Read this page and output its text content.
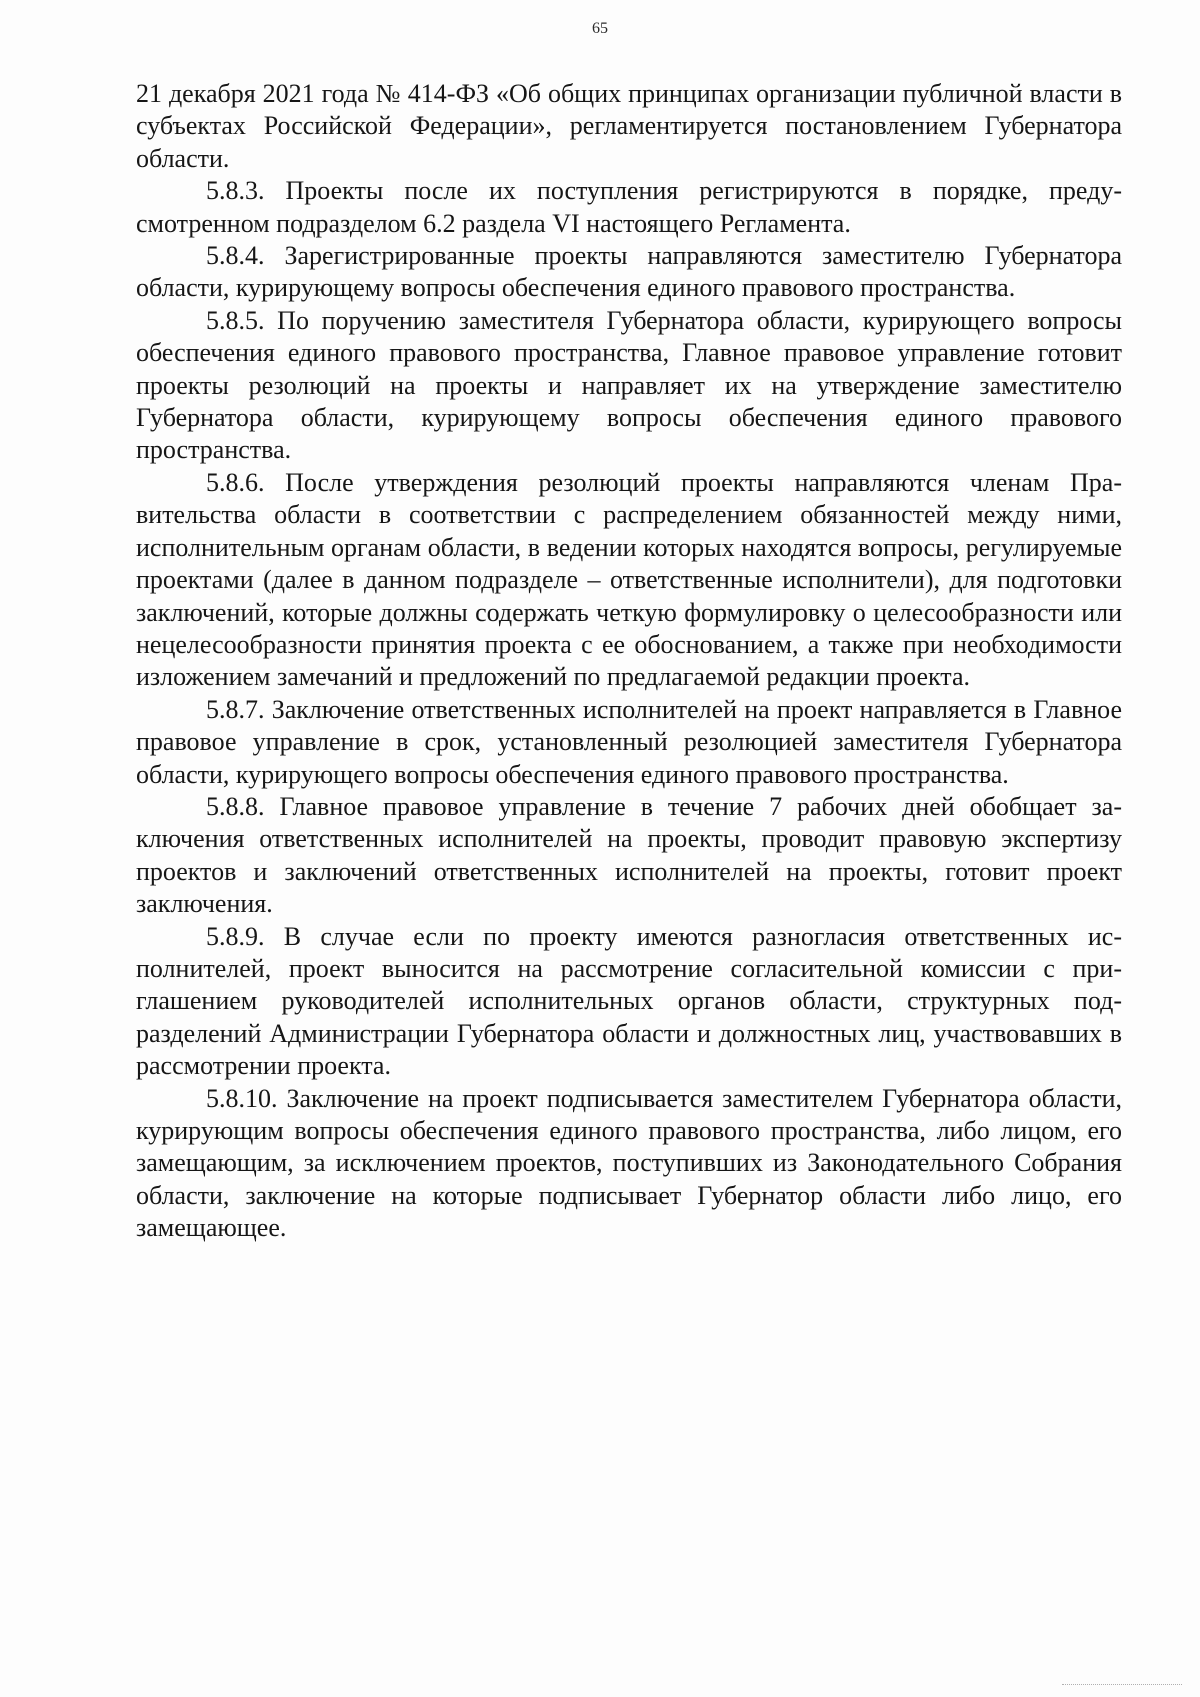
65

21 декабря 2021 года № 414-ФЗ «Об общих принципах организации публичной власти в субъектах Российской Федерации», регламентируется постановлением Губернатора области.

5.8.3. Проекты после их поступления регистрируются в порядке, предусмотренном подразделом 6.2 раздела VI настоящего Регламента.

5.8.4. Зарегистрированные проекты направляются заместителю Губернатора области, курирующему вопросы обеспечения единого правового пространства.

5.8.5. По поручению заместителя Губернатора области, курирующего вопросы обеспечения единого правового пространства, Главное правовое управление готовит проекты резолюций на проекты и направляет их на утверждение заместителю Губернатора области, курирующему вопросы обеспечения единого правового пространства.

5.8.6. После утверждения резолюций проекты направляются членам Правительства области в соответствии с распределением обязанностей между ними, исполнительным органам области, в ведении которых находятся вопросы, регулируемые проектами (далее в данном подразделе – ответственные исполнители), для подготовки заключений, которые должны содержать четкую формулировку о целесообразности или нецелесообразности принятия проекта с ее обоснованием, а также при необходимости изложением замечаний и предложений по предлагаемой редакции проекта.

5.8.7. Заключение ответственных исполнителей на проект направляется в Главное правовое управление в срок, установленный резолюцией заместителя Губернатора области, курирующего вопросы обеспечения единого правового пространства.

5.8.8. Главное правовое управление в течение 7 рабочих дней обобщает заключения ответственных исполнителей на проекты, проводит правовую экспертизу проектов и заключений ответственных исполнителей на проекты, готовит проект заключения.

5.8.9. В случае если по проекту имеются разногласия ответственных исполнителей, проект выносится на рассмотрение согласительной комиссии с приглашением руководителей исполнительных органов области, структурных подразделений Администрации Губернатора области и должностных лиц, участвовавших в рассмотрении проекта.

5.8.10. Заключение на проект подписывается заместителем Губернатора области, курирующим вопросы обеспечения единого правового пространства, либо лицом, его замещающим, за исключением проектов, поступивших из Законодательного Собрания области, заключение на которые подписывает Губернатор области либо лицо, его замещающее.
